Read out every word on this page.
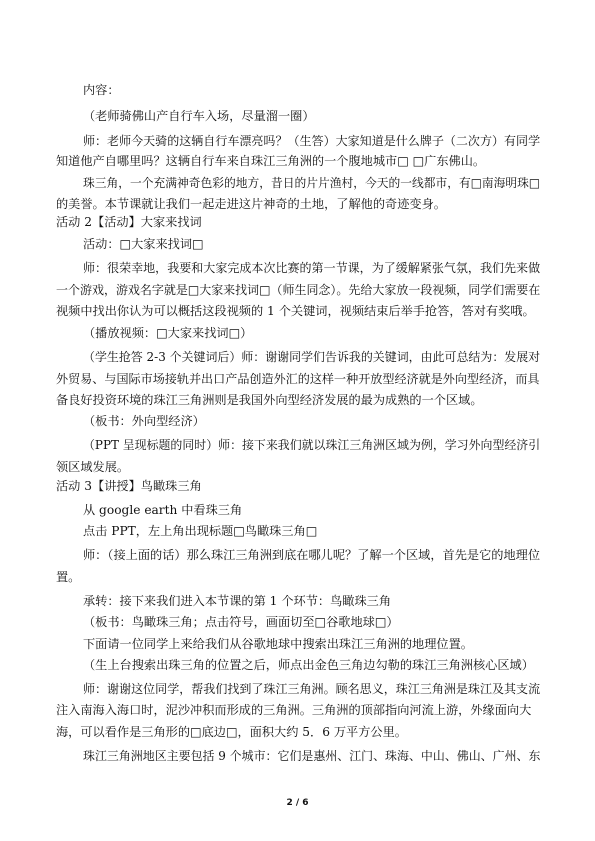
内容：
（老师骑佛山产自行车入场，尽量溜一圈）
师：老师今天骑的这辆自行车漂亮吗？（生答）大家知道是什么牌子（二次方）有同学
知道他产自哪里吗？这辆自行车来自珠江三角洲的一个腹地城市□ □广东佛山。
珠三角，一个充满神奇色彩的地方，昔日的片片渔村，今天的一线都市，有□南海明珠□
的美誉。本节课就让我们一起走进这片神奇的土地，了解他的奇迹变身。
活动 2【活动】大家来找词
活动：□大家来找词□
师：很荣幸地，我要和大家完成本次比赛的第一节课，为了缓解紧张气氛，我们先来做
一个游戏，游戏名字就是□大家来找词□（师生同念）。先给大家放一段视频，同学们需要在
视频中找出你认为可以概括这段视频的 1 个关键词，视频结束后举手抢答，答对有奖哦。
（播放视频：□大家来找词□）
（学生抢答 2-3 个关键词后）师：谢谢同学们告诉我的关键词，由此可总结为：发展对
外贸易、与国际市场接轨并出口产品创造外汇的这样一种开放型经济就是外向型经济，而具
备良好投资环境的珠江三角洲则是我国外向型经济发展的最为成熟的一个区域。
（板书：外向型经济）
（PPT 呈现标题的同时）师：接下来我们就以珠江三角洲区域为例，学习外向型经济引
领区域发展。
活动 3【讲授】鸟瞰珠三角
从 google earth 中看珠三角
点击 PPT，左上角出现标题□鸟瞰珠三角□
师：（接上面的话）那么珠江三角洲到底在哪儿呢？了解一个区域，首先是它的地理位
置。
承转：接下来我们进入本节课的第 1 个环节：鸟瞰珠三角
（板书：鸟瞰珠三角；点击符号，画面切至□谷歌地球□）
下面请一位同学上来给我们从谷歌地球中搜索出珠江三角洲的地理位置。
（生上台搜索出珠三角的位置之后，师点出金色三角边勾勒的珠江三角洲核心区域）
师：谢谢这位同学，帮我们找到了珠江三角洲。顾名思义，珠江三角洲是珠江及其支流
注入南海入海口时，泥沙冲积而形成的三角洲。三角洲的顶部指向河流上游，外缘面向大
海，可以看作是三角形的□底边□，面积大约 5．6 万平方公里。
珠江三角洲地区主要包括 9 个城市：它们是惠州、江门、珠海、中山、佛山、广州、东
2 / 6
